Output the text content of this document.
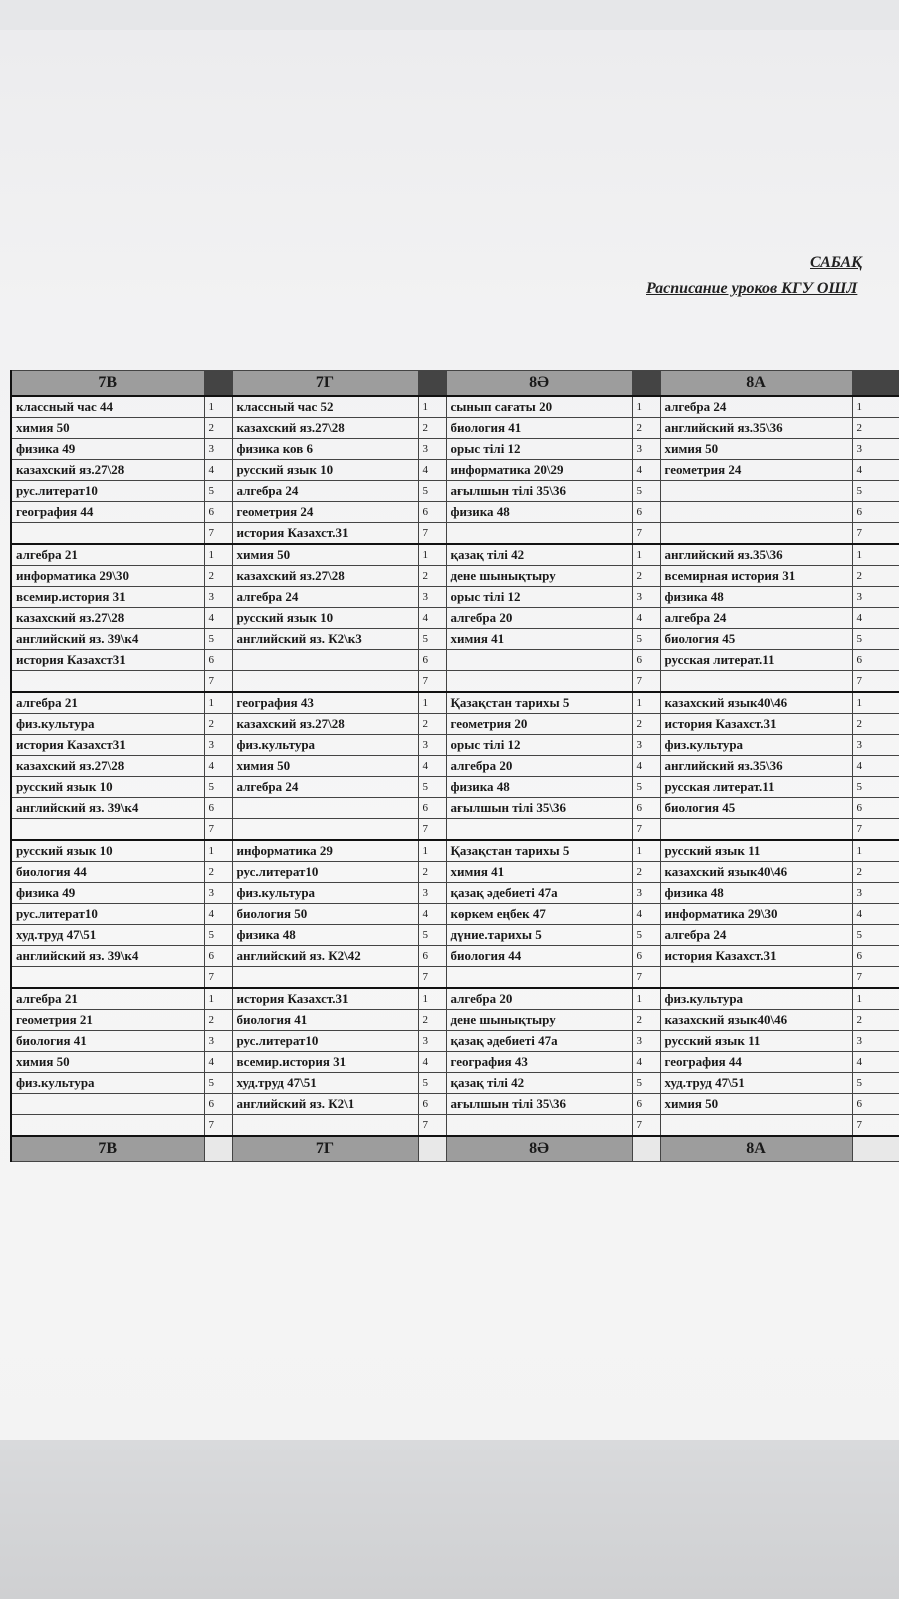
САБАҚ
Расписание уроков КГУ ОШЛ
7В		7Г		8Ә		8А	
классный час 44	1	классный час 52	1	сынып сағаты 20	1	алгебра 24	1
химия 50	2	казахский яз.27\28	2	биология 41	2	английский яз.35\36	2
физика 49	3	физика ков 6	3	орыс тілі 12	3	химия 50	3
казахский яз.27\28	4	русский язык 10	4	информатика 20\29	4	геометрия 24	4
рус.литерат10	5	алгебра 24	5	ағылшын тілі 35\36	5		5
география 44	6	геометрия 24	6	физика 48	6		6
	7	история Казахст.31	7		7		7
алгебра 21	1	химия 50	1	қазақ тілі 42	1	английский яз.35\36	1
информатика 29\30	2	казахский яз.27\28	2	дене шынықтыру	2	всемирная история 31	2
всемир.история 31	3	алгебра 24	3	орыс тілі 12	3	физика 48	3
казахский яз.27\28	4	русский язык 10	4	алгебра 20	4	алгебра 24	4
английский яз. 39\к4	5	английский яз. К2\к3	5	химия 41	5	биология 45	5
история Казахст31	6		6		6	русская литерат.11	6
	7		7		7		7
алгебра 21	1	география 43	1	Қазақстан тарихы 5	1	казахский язык40\46	1
физ.культура	2	казахский яз.27\28	2	геометрия 20	2	история Казахст.31	2
история Казахст31	3	физ.культура	3	орыс тілі 12	3	физ.культура	3
казахский яз.27\28	4	химия 50	4	алгебра 20	4	английский яз.35\36	4
русский язык 10	5	алгебра 24	5	физика 48	5	русская литерат.11	5
английский яз. 39\к4	6		6	ағылшын тілі 35\36	6	биология 45	6
	7		7		7		7
русский язык 10	1	информатика 29	1	Қазақстан тарихы 5	1	русский язык 11	1
биология 44	2	рус.литерат10	2	химия 41	2	казахский язык40\46	2
физика 49	3	физ.культура	3	қазақ әдебиеті 47а	3	физика 48	3
рус.литерат10	4	биология 50	4	көркем еңбек 47	4	информатика 29\30	4
худ.труд 47\51	5	физика 48	5	дүние.тарихы 5	5	алгебра 24	5
английский яз. 39\к4	6	английский яз. К2\42	6	биология 44	6	история Казахст.31	6
	7		7		7		7
алгебра 21	1	история Казахст.31	1	алгебра 20	1	физ.культура	1
геометрия 21	2	биология 41	2	дене шынықтыру	2	казахский язык40\46	2
биология 41	3	рус.литерат10	3	қазақ әдебиеті 47а	3	русский язык 11	3
химия 50	4	всемир.история 31	4	география 43	4	география 44	4
физ.культура	5	худ.труд 47\51	5	қазақ тілі 42	5	худ.труд 47\51	5
	6	английский яз. К2\1	6	ағылшын тілі 35\36	6	химия 50	6
	7		7		7		7
7В		7Г		8Ә		8А	
